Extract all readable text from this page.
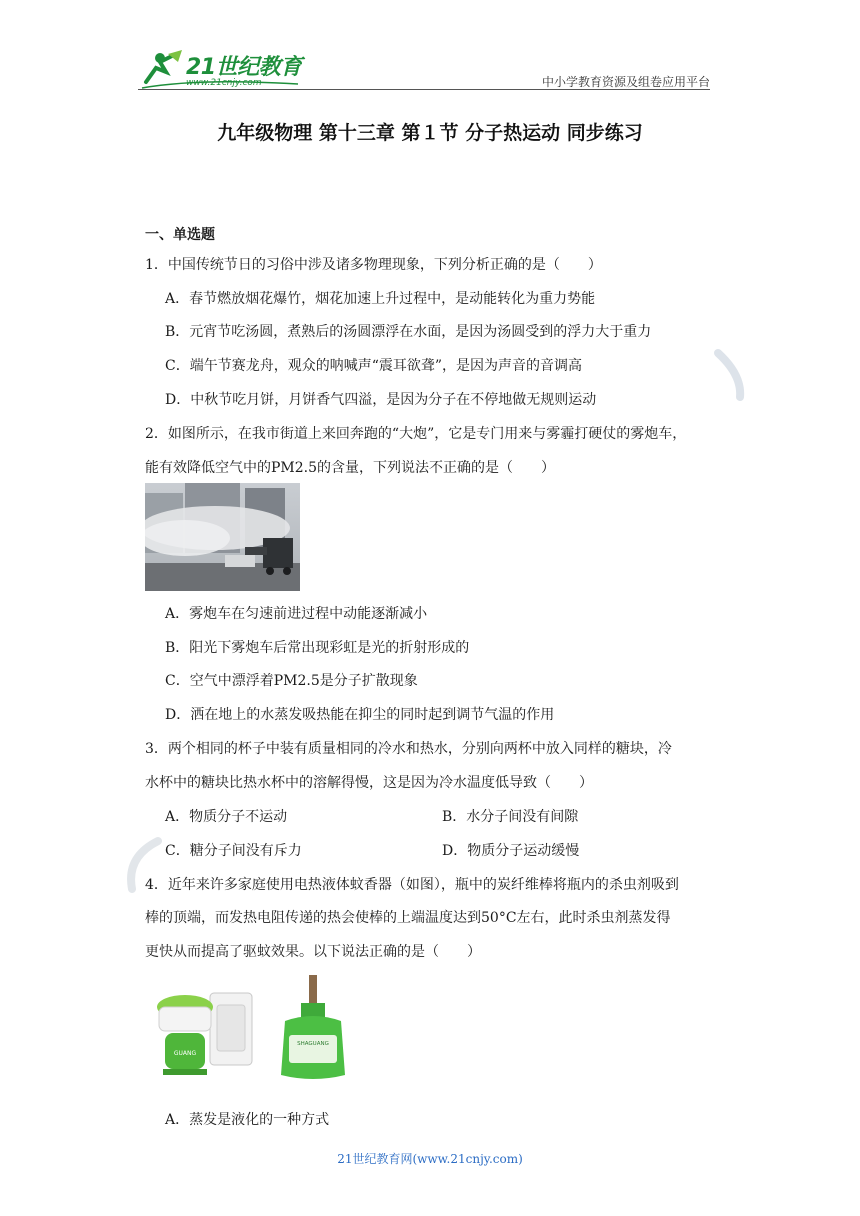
21世纪教育
www.21cnjy.com	中小学教育资源及组卷应用平台
九年级物理 第十三章 第１节 分子热运动 同步练习
一、单选题
1．中国传统节日的习俗中涉及诸多物理现象，下列分析正确的是（　　）
A．春节燃放烟花爆竹，烟花加速上升过程中，是动能转化为重力势能
B．元宵节吃汤圆，煮熟后的汤圆漂浮在水面，是因为汤圆受到的浮力大于重力
C．端午节赛龙舟，观众的呐喊声“震耳欲聋”，是因为声音的音调高
D．中秋节吃月饼，月饼香气四溢，是因为分子在不停地做无规则运动
2．如图所示，在我市街道上来回奔跑的“大炮”，它是专门用来与雾霾打硬仗的雾炮车，
能有效降低空气中的PM2.5的含量，下列说法不正确的是（　　）
A．雾炮车在匀速前进过程中动能逐渐减小
B．阳光下雾炮车后常出现彩虹是光的折射形成的
C．空气中漂浮着PM2.5是分子扩散现象
D．洒在地上的水蒸发吸热能在抑尘的同时起到调节气温的作用
3．两个相同的杯子中装有质量相同的冷水和热水，分别向两杯中放入同样的糖块，冷
水杯中的糖块比热水杯中的溶解得慢，这是因为冷水温度低导致（　　）
A．物质分子不运动	B．水分子间没有间隙
C．糖分子间没有斥力	D．物质分子运动缓慢
4．近年来许多家庭使用电热液体蚊香器（如图），瓶中的炭纤维棒将瓶内的杀虫剂吸到
棒的顶端，而发热电阻传递的热会使棒的上端温度达到50°C左右，此时杀虫剂蒸发得
更快从而提高了驱蚊效果。以下说法正确的是（　　）
GUANG
SHAGUANG
A．蒸发是液化的一种方式
21世纪教育网(www.21cnjy.com)
